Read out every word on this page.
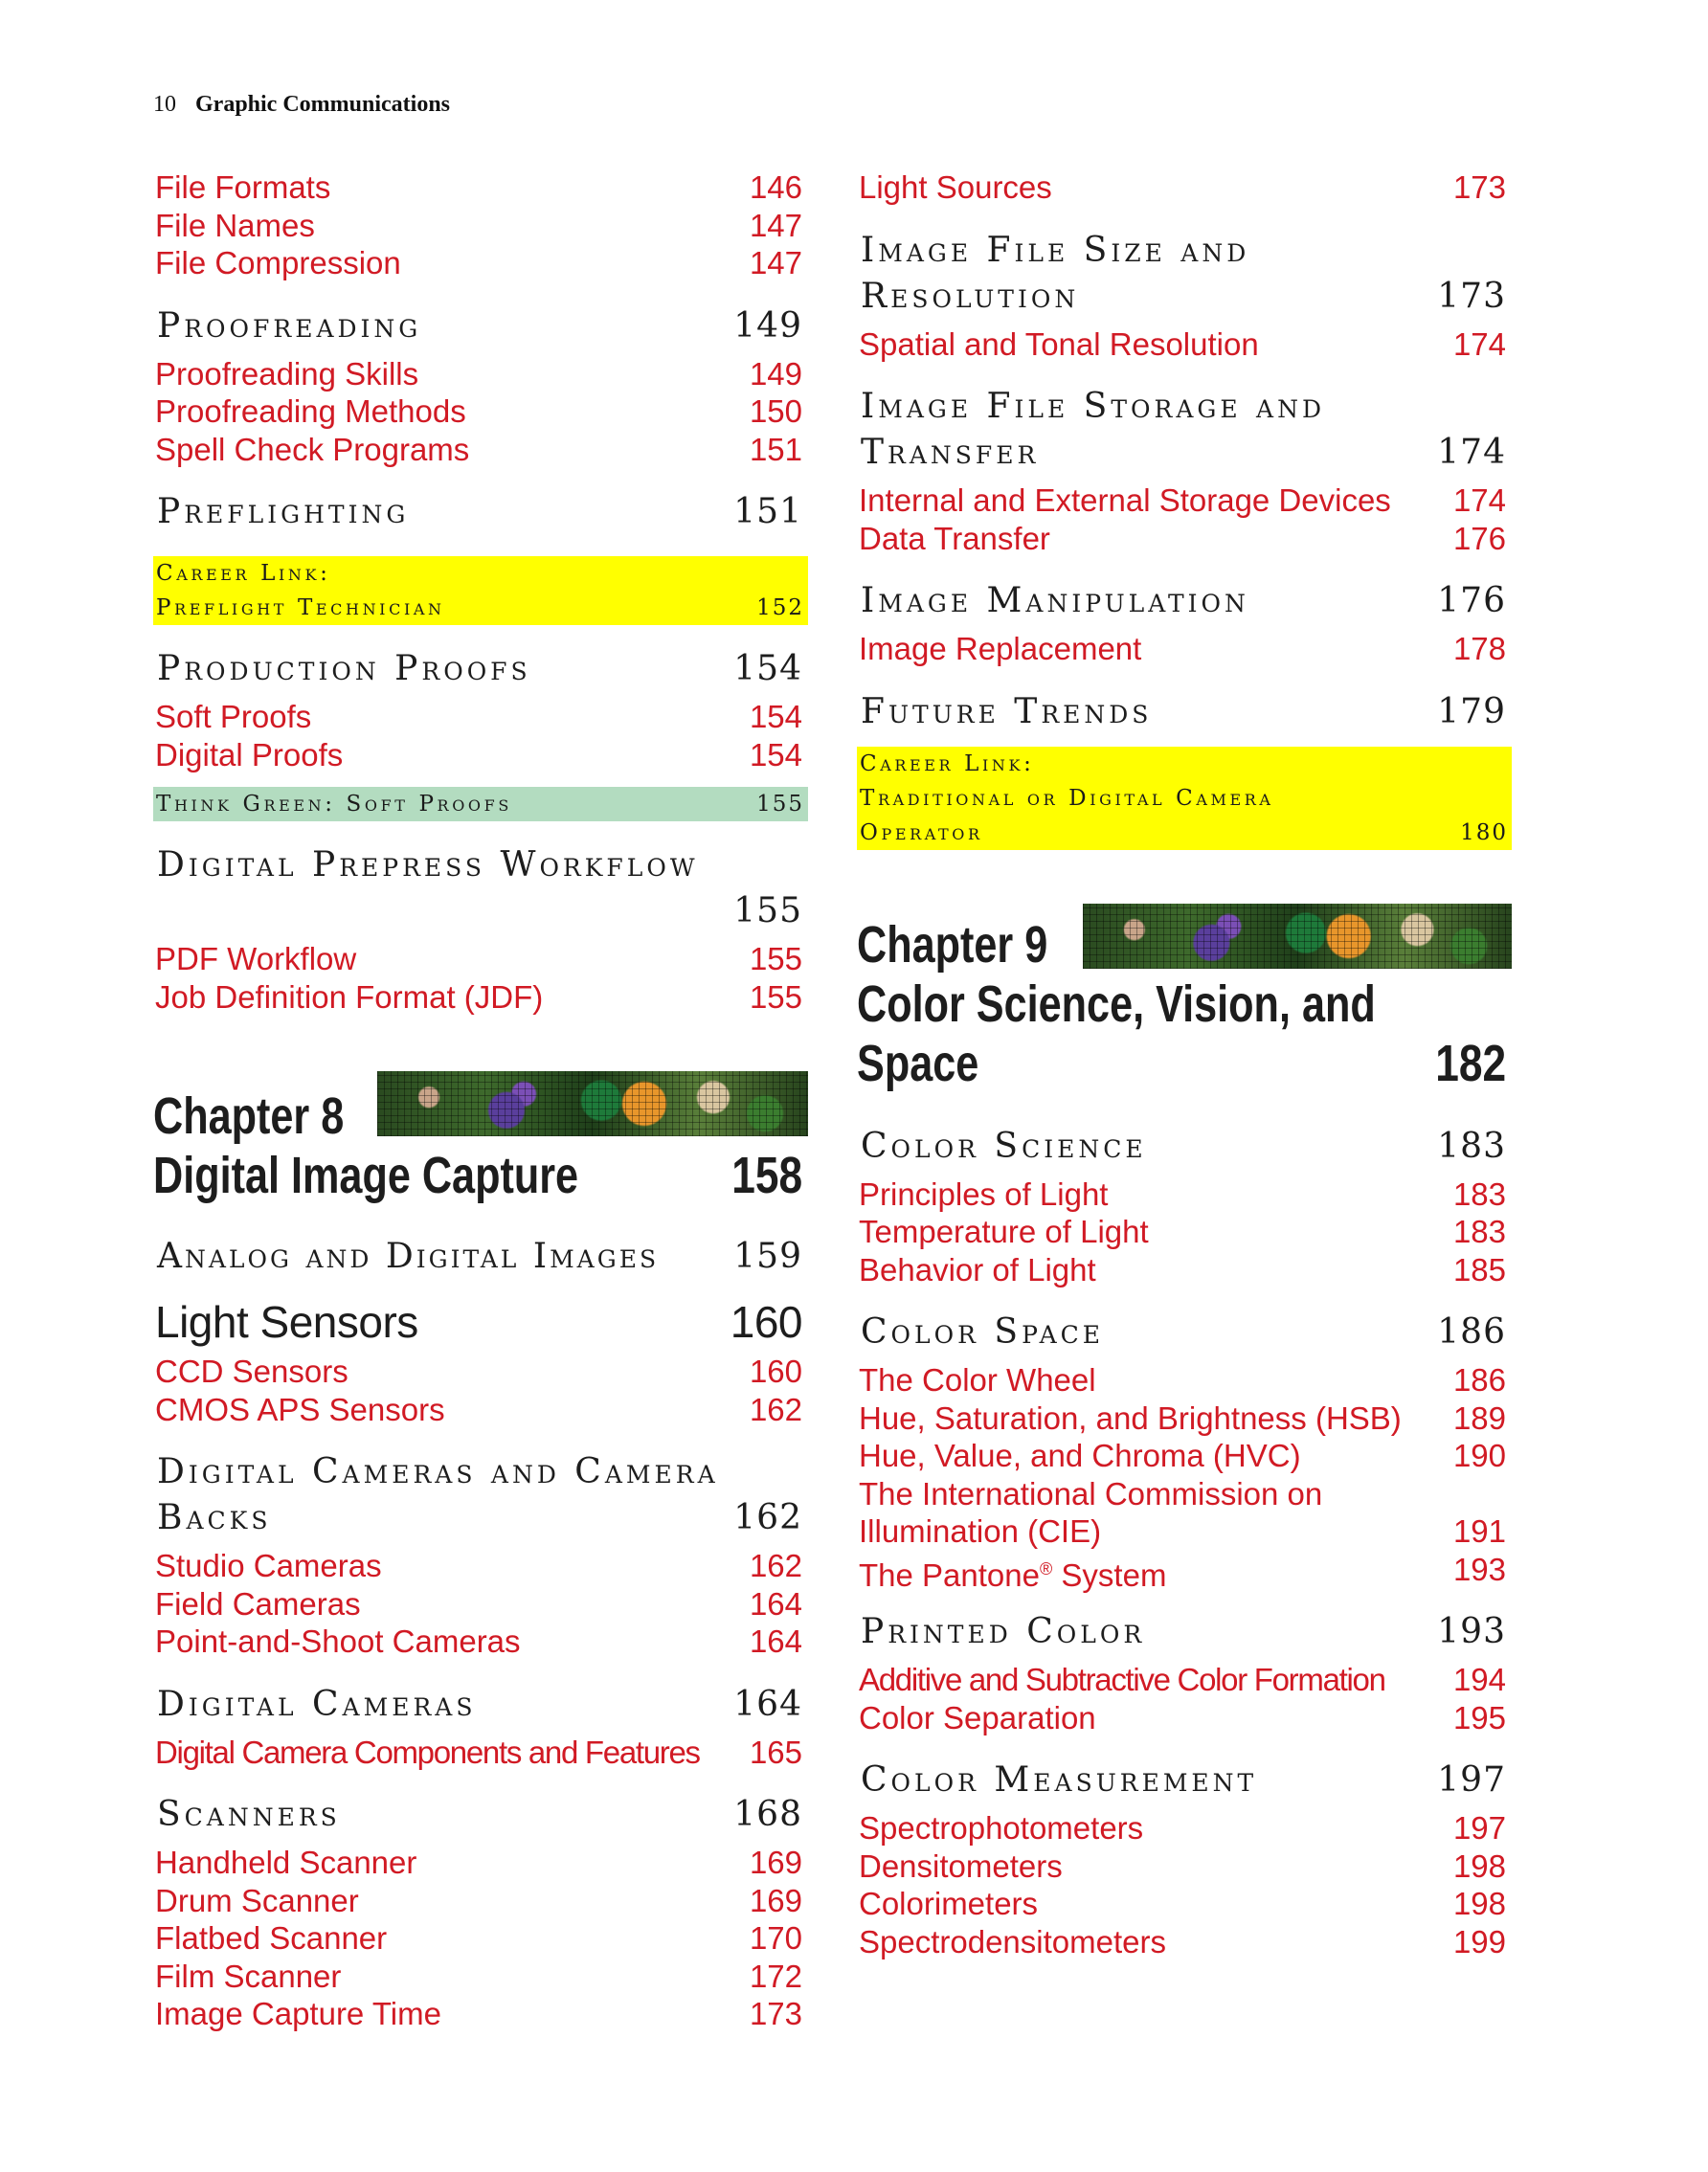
10 Graphic Communications
File Formats	146
File Names	147
File Compression	147
Proofreading	149
Proofreading Skills	149
Proofreading Methods	150
Spell Check Programs	151
Preflighting	151
Career Link:
Preflight Technician	152
Production Proofs	154
Soft Proofs	154
Digital Proofs	154
Think Green: Soft Proofs	155
Digital Prepress Workflow
155
PDF Workflow	155
Job Definition Format (JDF)	155
Chapter 8
Digital Image Capture	158
Analog and Digital Images	159
Light Sensors	160
CCD Sensors	160
CMOS APS Sensors	162
Digital Cameras and Camera
Backs	162
Studio Cameras	162
Field Cameras	164
Point-and-Shoot Cameras	164
Digital Cameras	164
Digital Camera Components and Features 165
Scanners	168
Handheld Scanner	169
Drum Scanner	169
Flatbed Scanner	170
Film Scanner	172
Image Capture Time	173
Light Sources	173
Image File Size and
Resolution	173
Spatial and Tonal Resolution	174
Image File Storage and
Transfer	174
Internal and External Storage Devices 174
Data Transfer	176
Image Manipulation	176
Image Replacement	178
Future Trends	179
Career Link:
Traditional or Digital Camera
Operator	180
Chapter 9
Color Science, Vision, and
Space	182
Color Science	183
Principles of Light	183
Temperature of Light	183
Behavior of Light	185
Color Space	186
The Color Wheel	186
Hue, Saturation, and Brightness (HSB) 189
Hue, Value, and Chroma (HVC)	190
The International Commission on
Illumination (CIE)	191
The Pantone® System	193
Printed Color	193
Additive and Subtractive Color Formation 194
Color Separation	195
Color Measurement	197
Spectrophotometers	197
Densitometers	198
Colorimeters	198
Spectrodensitometers	199
